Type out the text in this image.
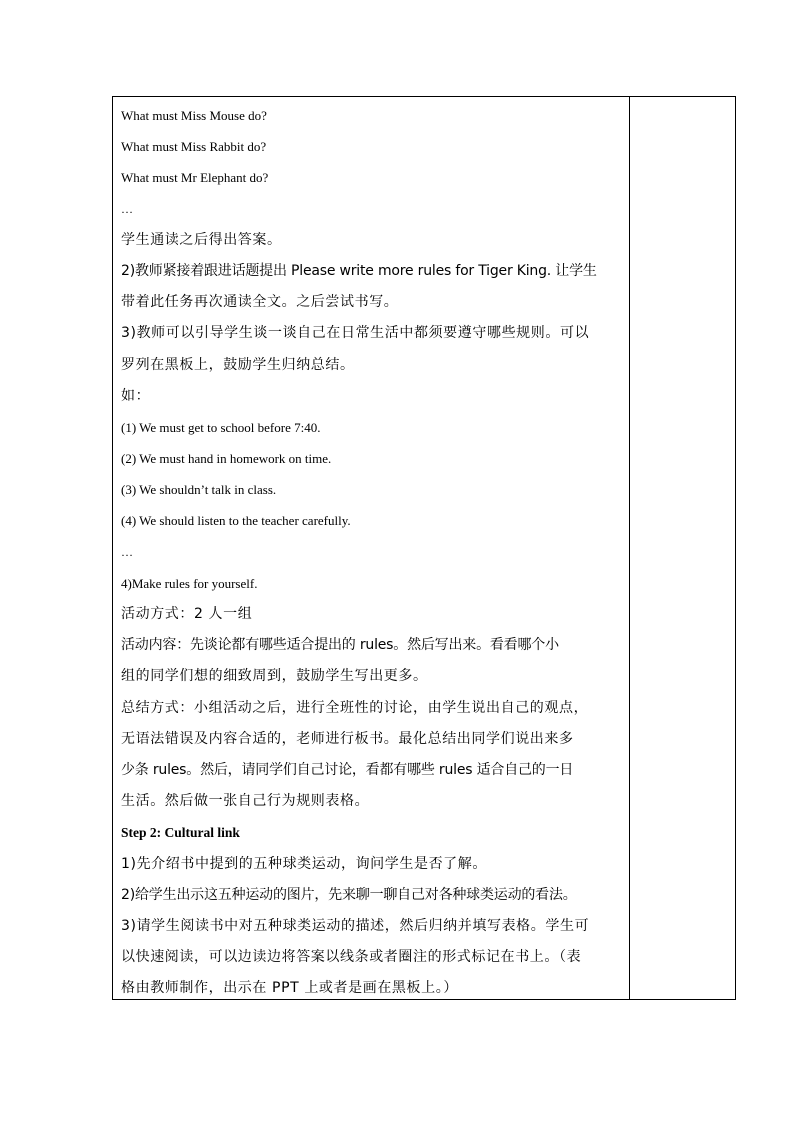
What must Miss Mouse do?
What must Miss Rabbit do?
What must Mr Elephant do?
…
学生通读之后得出答案。
2)教师紧接着跟进话题提出 Please write more rules for Tiger King. 让学生
带着此任务再次通读全文。之后尝试书写。
3)教师可以引导学生谈一谈自己在日常生活中都须要遵守哪些规则。可以
罗列在黑板上，鼓励学生归纳总结。
如：
(1) We must get to school before 7:40.
(2) We must hand in homework on time.
(3) We shouldn’t talk in class.
(4) We should listen to the teacher carefully.
…
4)Make rules for yourself.
活动方式：2 人一组
活动内容：先谈论都有哪些适合提出的 rules。然后写出来。看看哪个小
组的同学们想的细致周到，鼓励学生写出更多。
总结方式：小组活动之后，进行全班性的讨论，由学生说出自己的观点，
无语法错误及内容合适的，老师进行板书。最化总结出同学们说出来多
少条 rules。然后，请同学们自己讨论，看都有哪些 rules 适合自己的一日
生活。然后做一张自己行为规则表格。
Step 2: Cultural link
1)先介绍书中提到的五种球类运动，询问学生是否了解。
2)给学生出示这五种运动的图片，先来聊一聊自己对各种球类运动的看法。
3)请学生阅读书中对五种球类运动的描述，然后归纳并填写表格。学生可
以快速阅读，可以边读边将答案以线条或者圈注的形式标记在书上。（表
格由教师制作，出示在 PPT 上或者是画在黑板上。）
